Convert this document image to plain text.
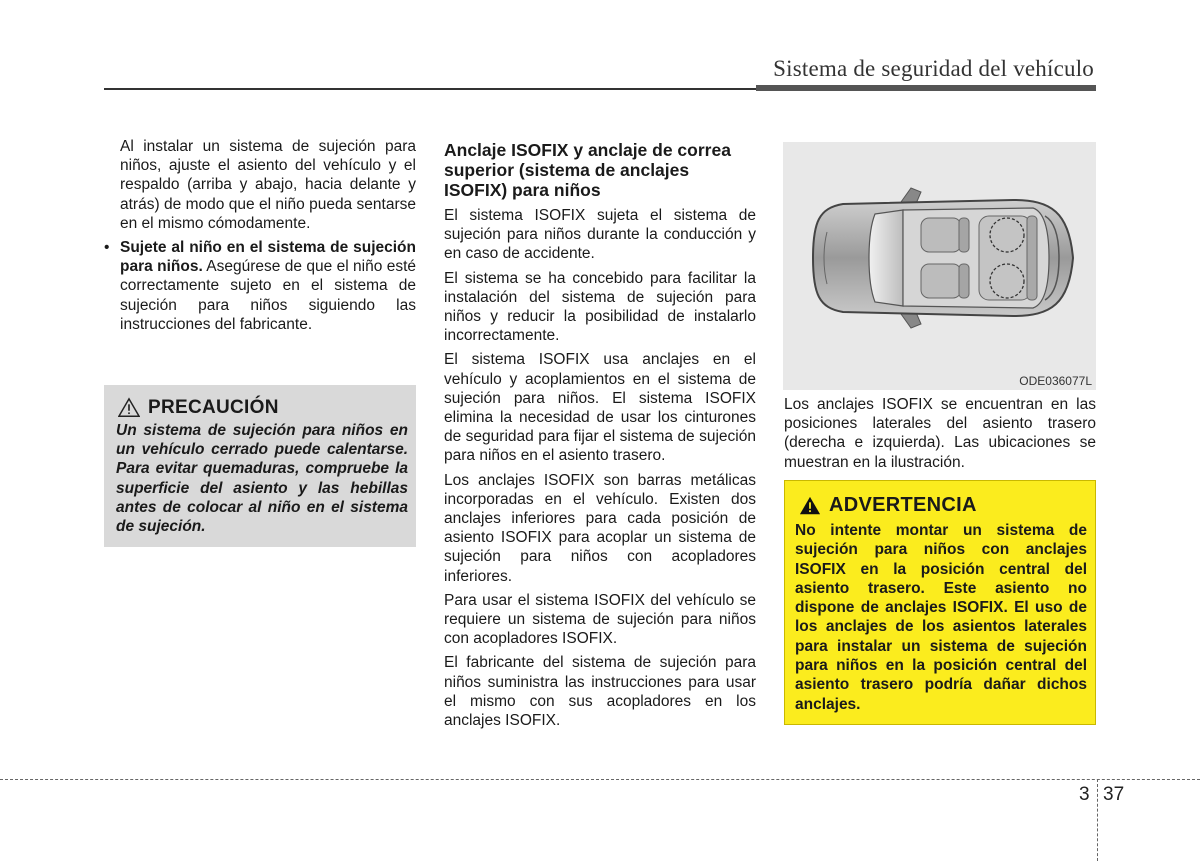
Sistema de seguridad del vehículo

Al instalar un sistema de sujeción para niños, ajuste el asiento del vehículo y el respaldo (arriba y abajo, hacia delante y atrás) de modo que el niño pueda sentarse en el mismo cómodamente.

• Sujete al niño en el sistema de sujeción para niños. Asegúrese de que el niño esté correctamente sujeto en el sistema de sujeción para niños siguiendo las instrucciones del fabricante.

PRECAUCIÓN
Un sistema de sujeción para niños en un vehículo cerrado puede calentarse. Para evitar quemaduras, compruebe la superficie del asiento y las hebillas antes de colocar al niño en el sistema de sujeción.
Anclaje ISOFIX y anclaje de correa superior (sistema de anclajes ISOFIX) para niños

El sistema ISOFIX sujeta el sistema de sujeción para niños durante la conducción y en caso de accidente.

El sistema se ha concebido para facilitar la instalación del sistema de sujeción para niños y reducir la posibilidad de instalarlo incorrectamente.

El sistema ISOFIX usa anclajes en el vehículo y acoplamientos en el sistema de sujeción para niños. El sistema ISOFIX elimina la necesidad de usar los cinturones de seguridad para fijar el sistema de sujeción para niños en el asiento trasero.

Los anclajes ISOFIX son barras metálicas incorporadas en el vehículo. Existen dos anclajes inferiores para cada posición de asiento ISOFIX para acoplar un sistema de sujeción para niños con acopladores inferiores.

Para usar el sistema ISOFIX del vehículo se requiere un sistema de sujeción para niños con acopladores ISOFIX.

El fabricante del sistema de sujeción para niños suministra las instrucciones para usar el mismo con sus acopladores en los anclajes ISOFIX.

ODE036077L

Los anclajes ISOFIX se encuentran en las posiciones laterales del asiento trasero (derecha e izquierda). Las ubicaciones se muestran en la ilustración.

ADVERTENCIA
No intente montar un sistema de sujeción para niños con anclajes ISOFIX en la posición central del asiento trasero. Este asiento no dispone de anclajes ISOFIX. El uso de los anclajes de los asientos laterales para instalar un sistema de sujeción para niños en la posición central del asiento trasero podría dañar dichos anclajes.
3 37
